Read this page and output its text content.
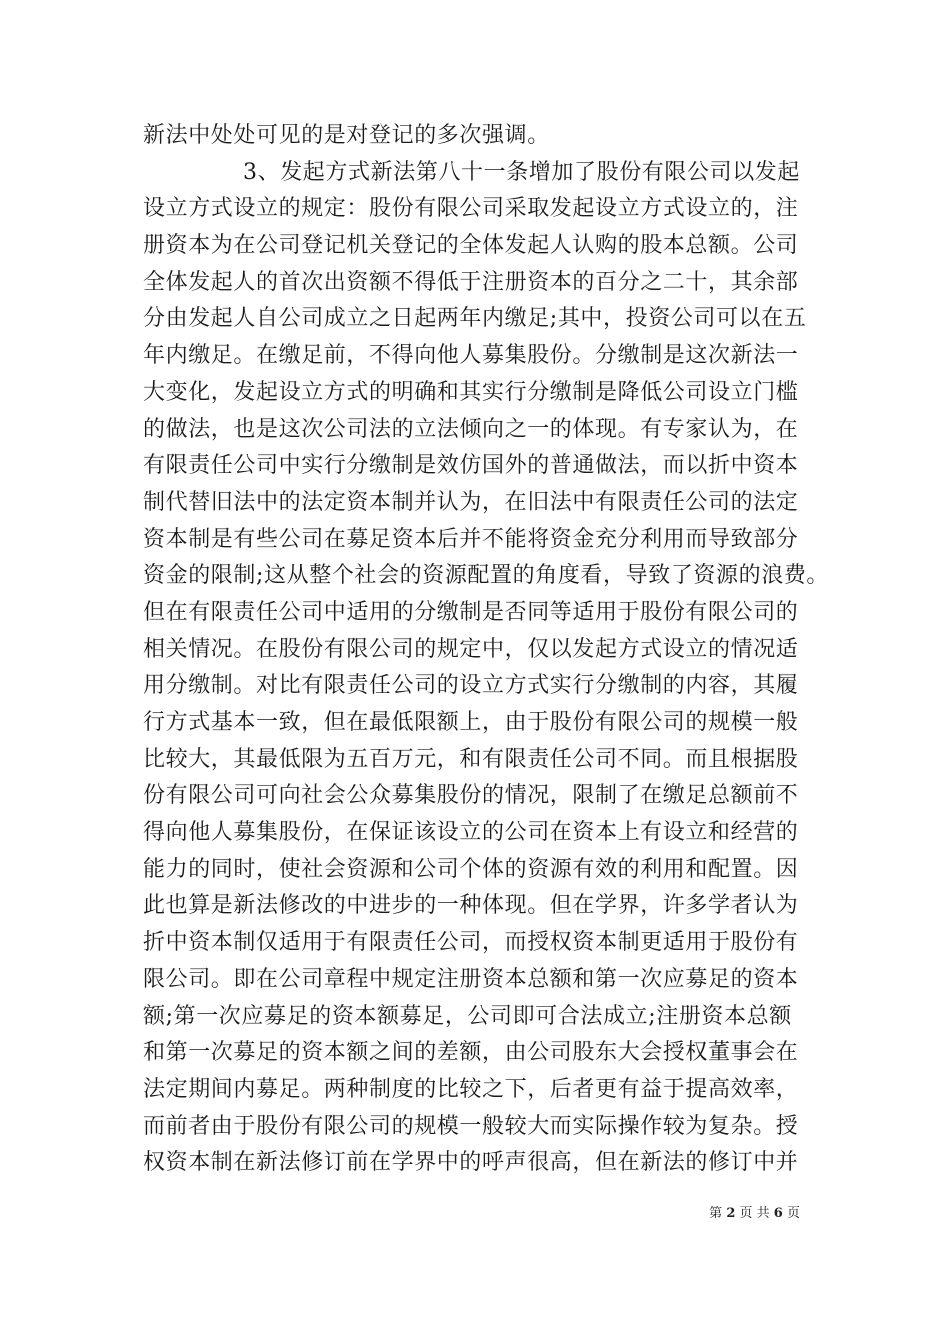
新法中处处可见的是对登记的多次强调。
3、发起方式新法第八十一条增加了股份有限公司以发起
设立方式设立的规定：股份有限公司采取发起设立方式设立的，注
册资本为在公司登记机关登记的全体发起人认购的股本总额。公司
全体发起人的首次出资额不得低于注册资本的百分之二十，其余部
分由发起人自公司成立之日起两年内缴足;其中，投资公司可以在五
年内缴足。在缴足前，不得向他人募集股份。分缴制是这次新法一
大变化，发起设立方式的明确和其实行分缴制是降低公司设立门槛
的做法，也是这次公司法的立法倾向之一的体现。有专家认为，在
有限责任公司中实行分缴制是效仿国外的普通做法，而以折中资本
制代替旧法中的法定资本制并认为，在旧法中有限责任公司的法定
资本制是有些公司在募足资本后并不能将资金充分利用而导致部分
资金的限制;这从整个社会的资源配置的角度看，导致了资源的浪费。
但在有限责任公司中适用的分缴制是否同等适用于股份有限公司的
相关情况。在股份有限公司的规定中，仅以发起方式设立的情况适
用分缴制。对比有限责任公司的设立方式实行分缴制的内容，其履
行方式基本一致，但在最低限额上，由于股份有限公司的规模一般
比较大，其最低限为五百万元，和有限责任公司不同。而且根据股
份有限公司可向社会公众募集股份的情况，限制了在缴足总额前不
得向他人募集股份，在保证该设立的公司在资本上有设立和经营的
能力的同时，使社会资源和公司个体的资源有效的利用和配置。因
此也算是新法修改的中进步的一种体现。但在学界，许多学者认为
折中资本制仅适用于有限责任公司，而授权资本制更适用于股份有
限公司。即在公司章程中规定注册资本总额和第一次应募足的资本
额;第一次应募足的资本额募足，公司即可合法成立;注册资本总额
和第一次募足的资本额之间的差额，由公司股东大会授权董事会在
法定期间内募足。两种制度的比较之下，后者更有益于提高效率，
而前者由于股份有限公司的规模一般较大而实际操作较为复杂。授
权资本制在新法修订前在学界中的呼声很高，但在新法的修订中并
第 2 页 共 6 页
